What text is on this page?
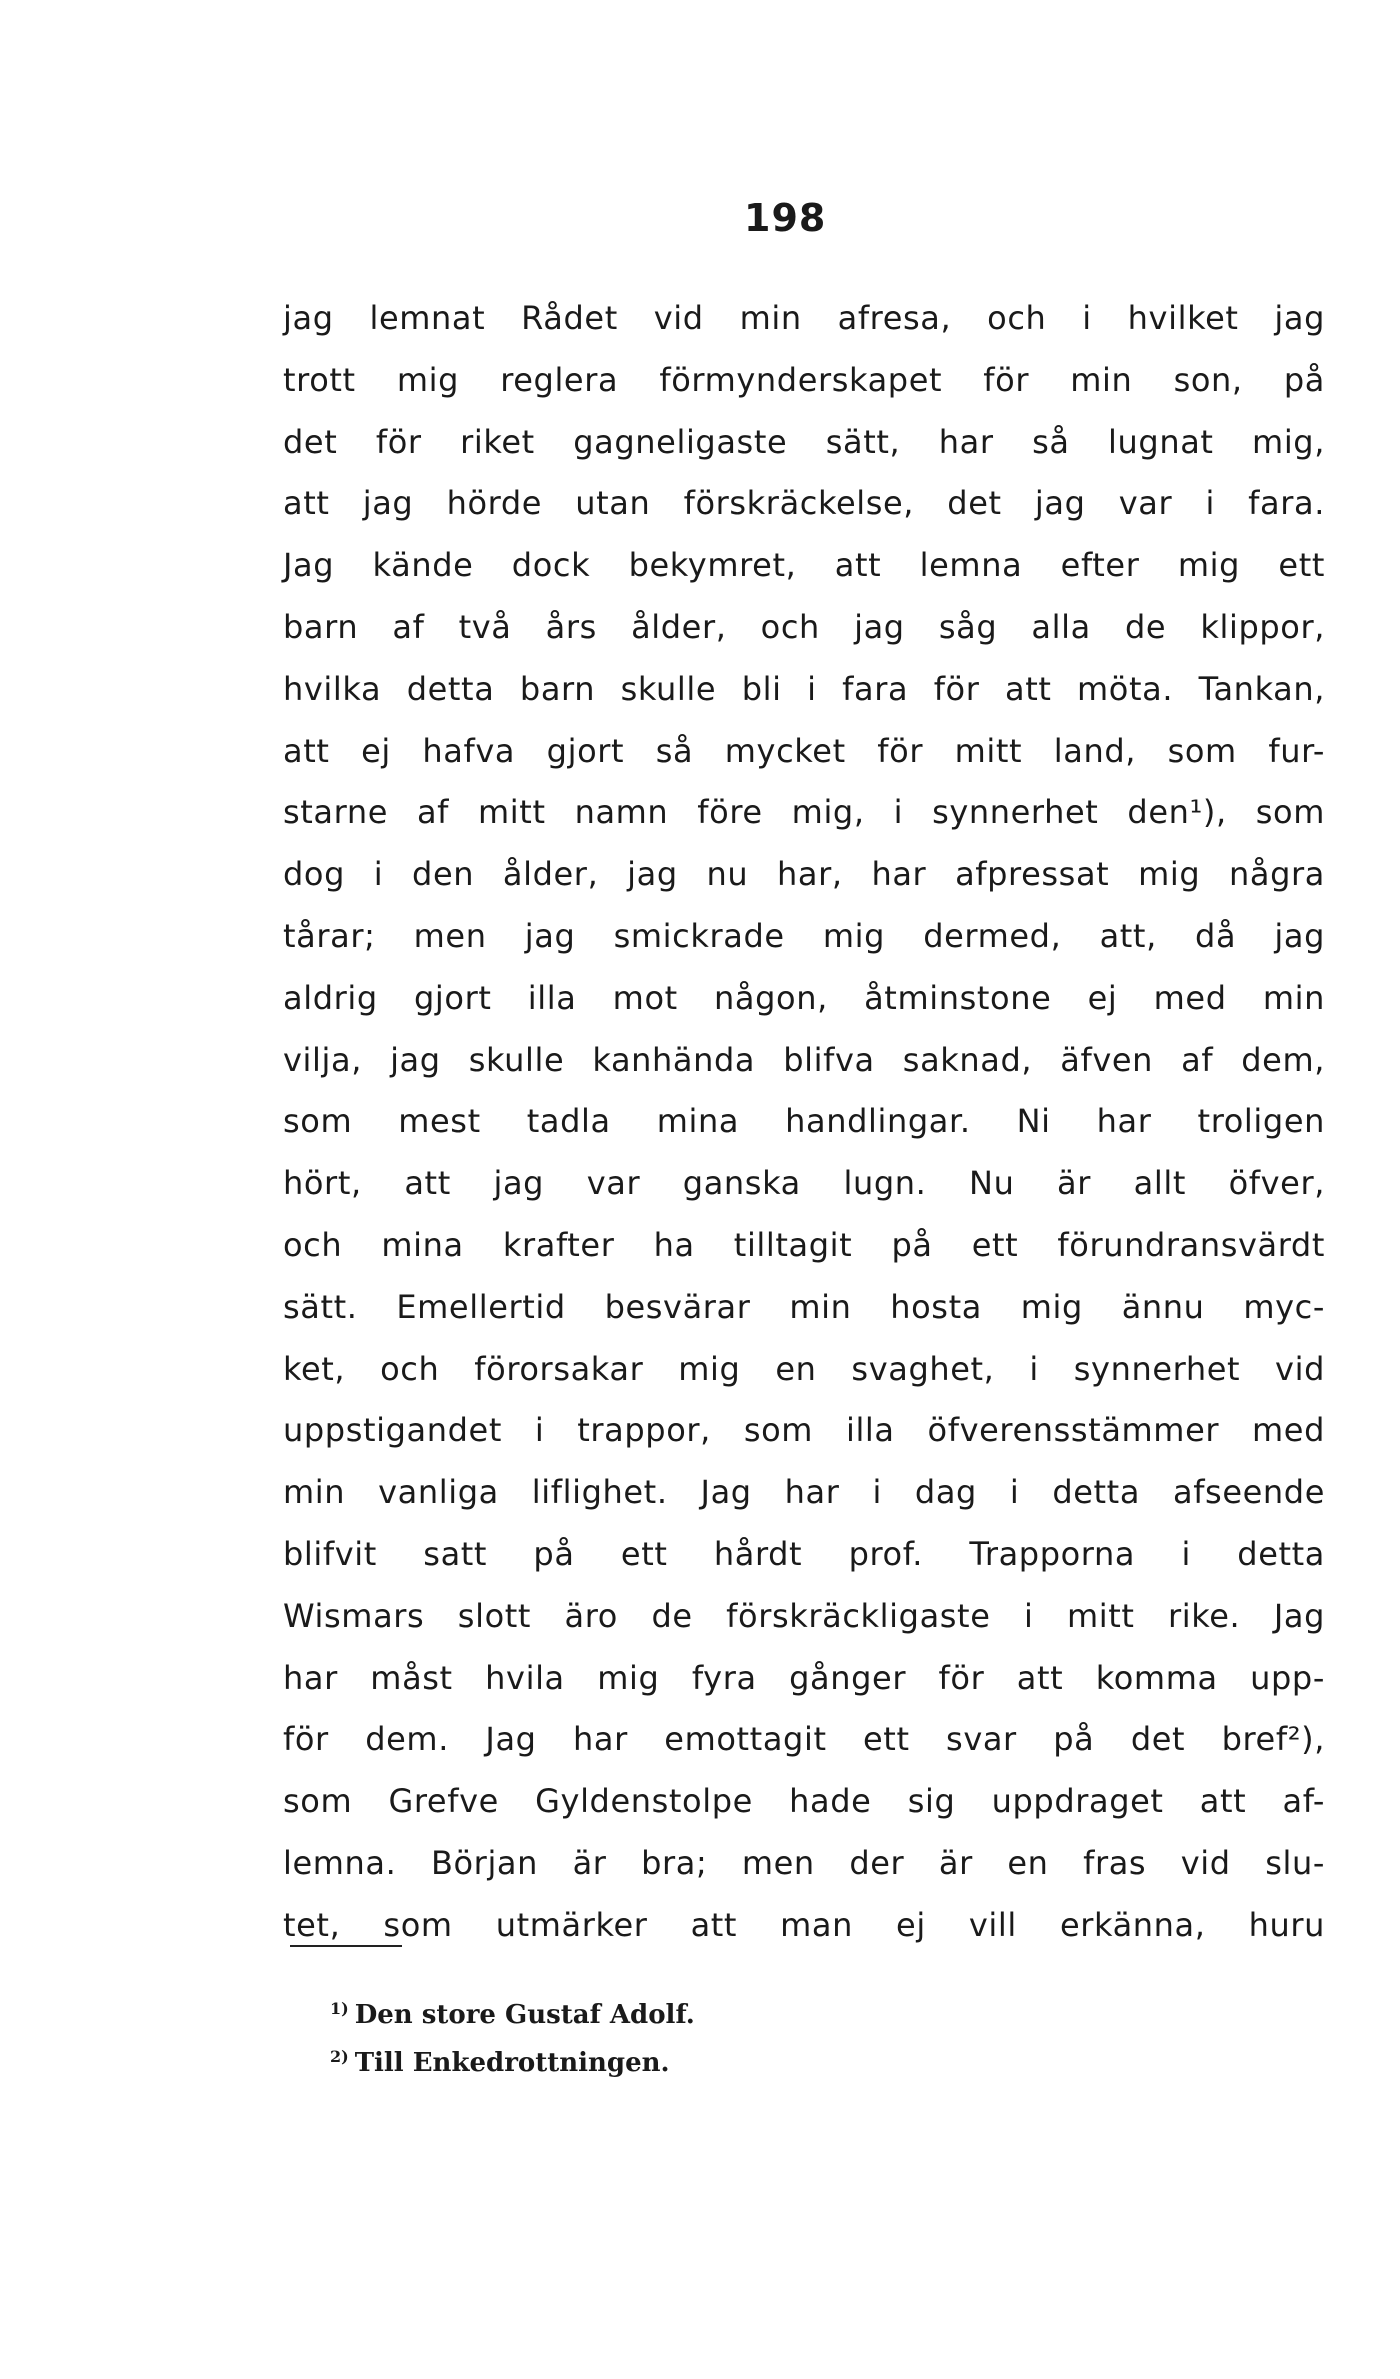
198
jag lemnat Rådet vid min afresa, och i hvilket jag
trott mig reglera förmynderskapet för min son, på
det för riket gagneligaste sätt, har så lugnat mig,
att jag hörde utan förskräckelse, det jag var i fara.
Jag kände dock bekymret, att lemna efter mig ett
barn af två års ålder, och jag såg alla de klippor,
hvilka detta barn skulle bli i fara för att möta. Tankan,
att ej hafva gjort så mycket för mitt land, som fur-
starne af mitt namn före mig, i synnerhet den¹), som
dog i den ålder, jag nu har, har afpressat mig några
tårar; men jag smickrade mig dermed, att, då jag
aldrig gjort illa mot någon, åtminstone ej med min
vilja, jag skulle kanhända blifva saknad, äfven af dem,
som mest tadla mina handlingar. Ni har troligen
hört, att jag var ganska lugn. Nu är allt öfver,
och mina krafter ha tilltagit på ett förundransvärdt
sätt. Emellertid besvärar min hosta mig ännu myc-
ket, och förorsakar mig en svaghet, i synnerhet vid
uppstigandet i trappor, som illa öfverensstämmer med
min vanliga liflighet. Jag har i dag i detta afseende
blifvit satt på ett hårdt prof. Trapporna i detta
Wismars slott äro de förskräckligaste i mitt rike. Jag
har måst hvila mig fyra gånger för att komma upp-
för dem. Jag har emottagit ett svar på det bref²),
som Grefve Gyldenstolpe hade sig uppdraget att af-
lemna. Början är bra; men der är en fras vid slu-
tet, som utmärker att man ej vill erkänna, huru
$^{1)}$ Den store Gustaf Adolf.
$^{2)}$ Till Enkedrottningen.
